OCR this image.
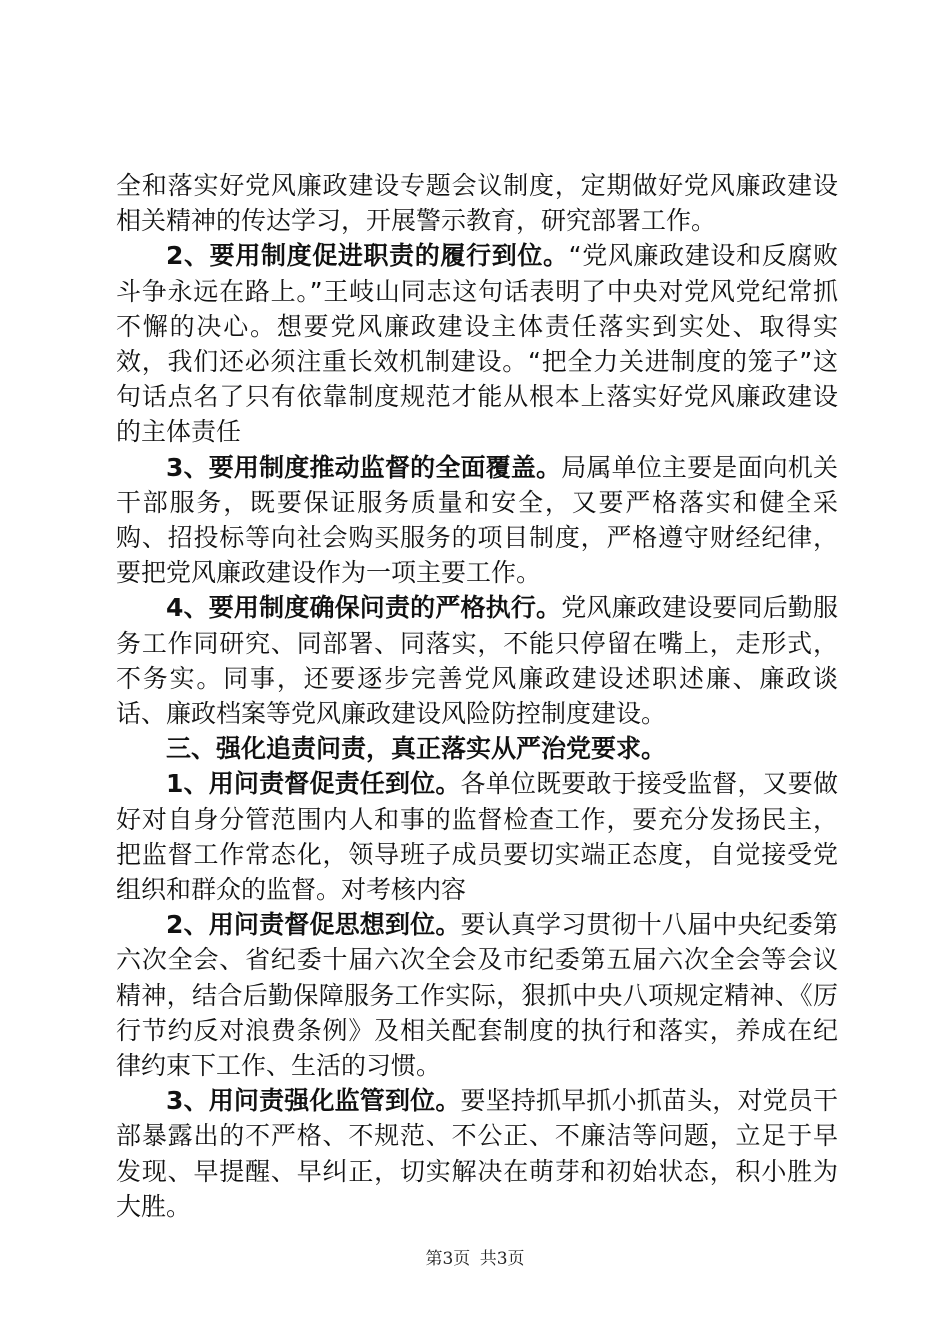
全和落实好党风廉政建设专题会议制度，定期做好党风廉政建设相关精神的传达学习，开展警示教育，研究部署工作。

2、要用制度促进职责的履行到位。“党风廉政建设和反腐败斗争永远在路上。”王岐山同志这句话表明了中央对党风党纪常抓不懈的决心。想要党风廉政建设主体责任落实到实处、取得实效，我们还必须注重长效机制建设。“把全力关进制度的笼子”这句话点名了只有依靠制度规范才能从根本上落实好党风廉政建设的主体责任

3、要用制度推动监督的全面覆盖。局属单位主要是面向机关干部服务，既要保证服务质量和安全，又要严格落实和健全采购、招投标等向社会购买服务的项目制度，严格遵守财经纪律，要把党风廉政建设作为一项主要工作。

4、要用制度确保问责的严格执行。党风廉政建设要同后勤服务工作同研究、同部署、同落实，不能只停留在嘴上，走形式，不务实。同事，还要逐步完善党风廉政建设述职述廉、廉政谈话、廉政档案等党风廉政建设风险防控制度建设。

三、强化追责问责，真正落实从严治党要求。

1、用问责督促责任到位。各单位既要敢于接受监督，又要做好对自身分管范围内人和事的监督检查工作，要充分发扬民主，把监督工作常态化，领导班子成员要切实端正态度，自觉接受党组织和群众的监督。对考核内容

2、用问责督促思想到位。要认真学习贯彻十八届中央纪委第六次全会、省纪委十届六次全会及市纪委第五届六次全会等会议精神，结合后勤保障服务工作实际，狠抓中央八项规定精神、《厉行节约反对浪费条例》及相关配套制度的执行和落实，养成在纪律约束下工作、生活的习惯。

3、用问责强化监管到位。要坚持抓早抓小抓苗头，对党员干部暴露出的不严格、不规范、不公正、不廉洁等问题，立足于早发现、早提醒、早纠正，切实解决在萌芽和初始状态，积小胜为大胜。

第3页 共3页
